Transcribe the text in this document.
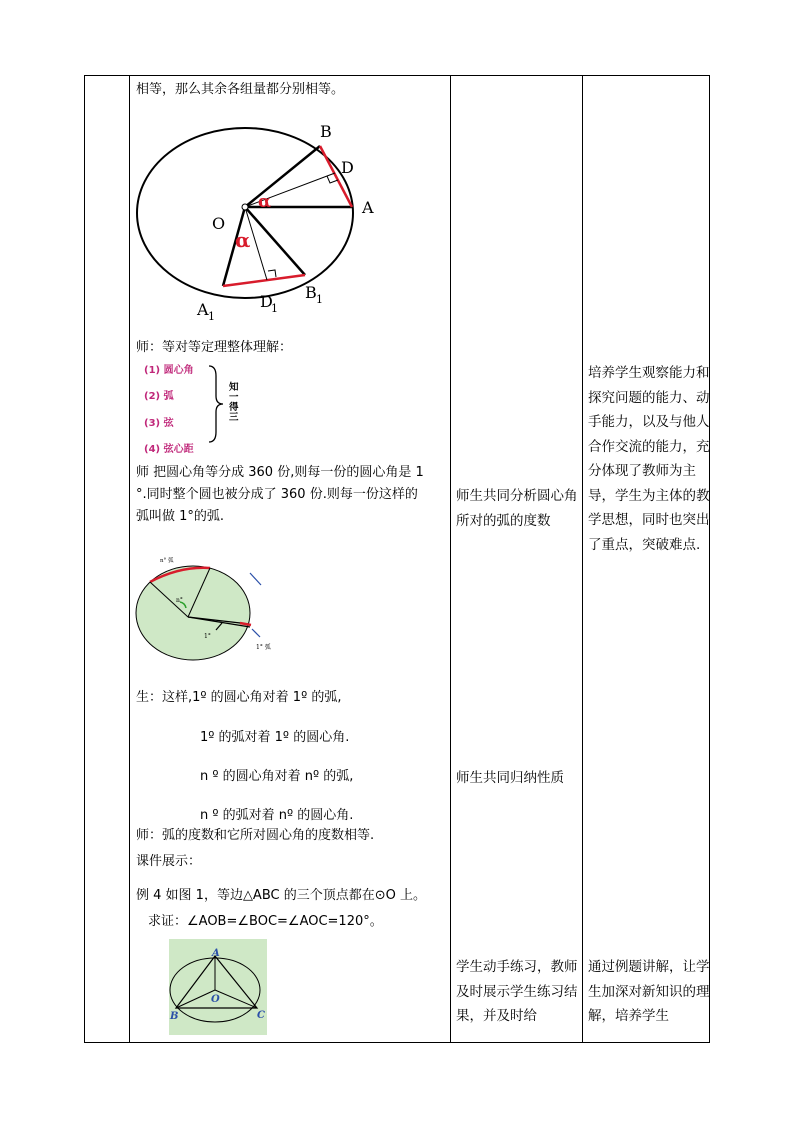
相等，那么其余各组量都分别相等。
B
D
A
O
A 1
D
1
B 1
α
α
师：等对等定理整体理解：
(1) 圆心角
(2) 弧
(3) 弦
(4) 弦心距
知一得三
师 把圆心角等分成 360 份,则每一份的圆心角是 1
°.同时整个圆也被分成了 360 份.则每一份这样的
弧叫做 1°的弧.
n° 弧
n°
1°
1° 弧
生：这样,1º 的圆心角对着 1º 的弧,
1º 的弧对着 1º 的圆心角.
n º 的圆心角对着 nº 的弧,
n º 的弧对着 nº 的圆心角.
师：弧的度数和它所对圆心角的度数相等.
课件展示：
例 4 如图 1，等边△ABC 的三个顶点都在⊙O 上。
求证：∠AOB=∠BOC=∠AOC=120°。
A
B	C
O
师生共同分析圆心角所对的弧的度数
师生共同归纳性质
学生动手练习，教师及时展示学生练习结果，并及时给
培养学生观察能力和探究问题的能力、动手能力，以及与他人合作交流的能力，充分体现了教师为主导，学生为主体的教学思想，同时也突出了重点，突破难点.
通过例题讲解，让学生加深对新知识的理解，培养学生
